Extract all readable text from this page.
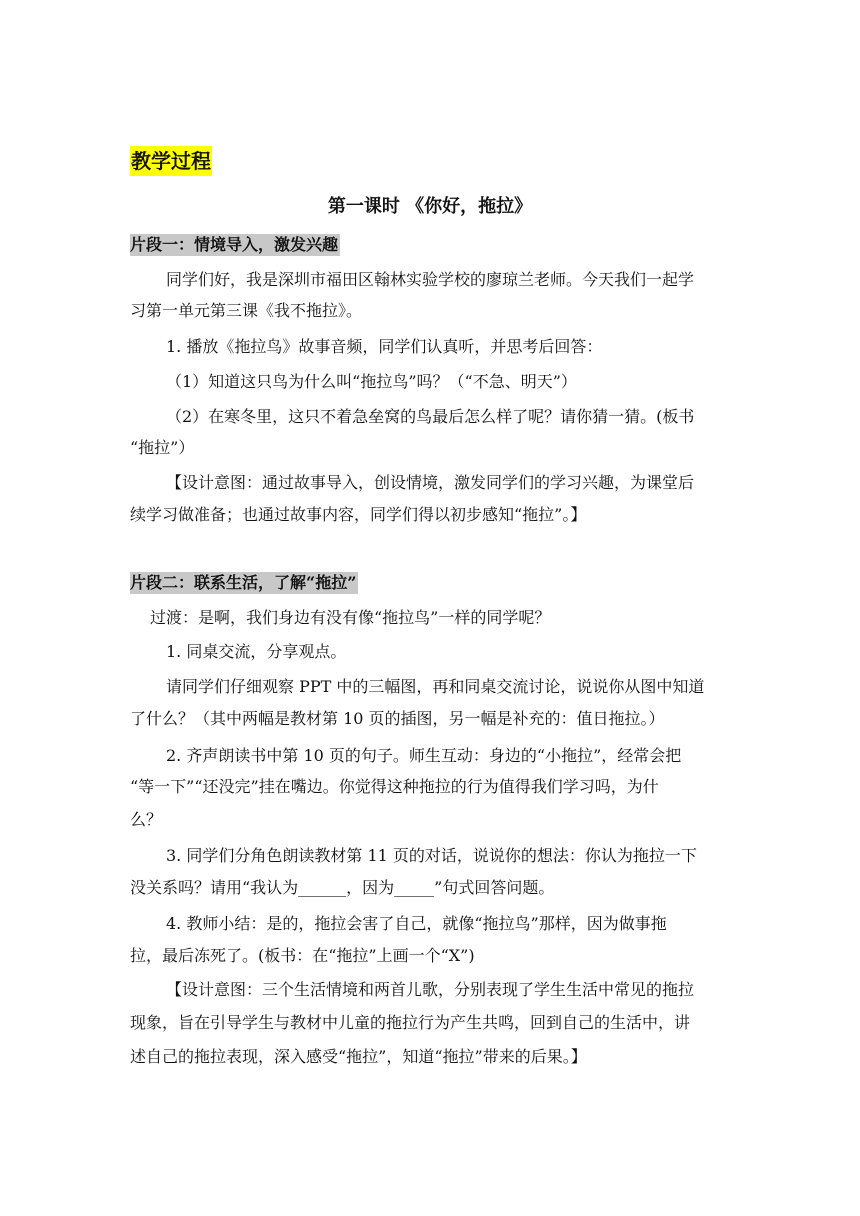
教学过程
第一课时 《你好，拖拉》
片段一：情境导入，激发兴趣
同学们好，我是深圳市福田区翰林实验学校的廖琼兰老师。今天我们一起学
习第一单元第三课《我不拖拉》。
1. 播放《拖拉鸟》故事音频，同学们认真听，并思考后回答：
（1）知道这只鸟为什么叫“拖拉鸟”吗？（“不急、明天”）
（2）在寒冬里，这只不着急垒窝的鸟最后怎么样了呢？请你猜一猜。(板书
“拖拉”）
【设计意图：通过故事导入，创设情境，激发同学们的学习兴趣，为课堂后
续学习做准备；也通过故事内容，同学们得以初步感知“拖拉”。】
片段二：联系生活，了解“拖拉”
过渡：是啊，我们身边有没有像“拖拉鸟”一样的同学呢？
1. 同桌交流，分享观点。
请同学们仔细观察 PPT 中的三幅图，再和同桌交流讨论，说说你从图中知道
了什么？（其中两幅是教材第 10 页的插图，另一幅是补充的：值日拖拉。）
2. 齐声朗读书中第 10 页的句子。师生互动：身边的“小拖拉”，经常会把
“等一下”“还没完”挂在嘴边。你觉得这种拖拉的行为值得我们学习吗，为什
么？
3. 同学们分角色朗读教材第 11 页的对话，说说你的想法：你认为拖拉一下
没关系吗？请用“我认为______，因为_____”句式回答问题。
4. 教师小结：是的，拖拉会害了自己，就像“拖拉鸟”那样，因为做事拖
拉，最后冻死了。(板书：在“拖拉”上画一个“X”)
【设计意图：三个生活情境和两首儿歌，分别表现了学生生活中常见的拖拉
现象，旨在引导学生与教材中儿童的拖拉行为产生共鸣，回到自己的生活中，讲
述自己的拖拉表现，深入感受“拖拉”，知道“拖拉”带来的后果。】
